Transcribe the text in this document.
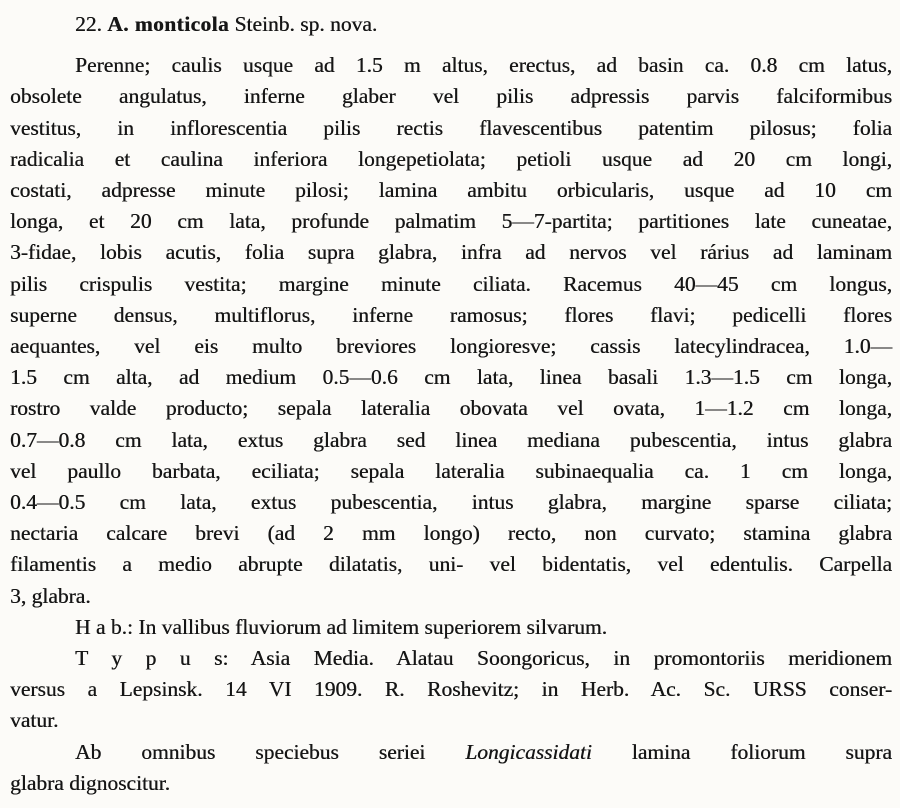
22. A. monticola Steinb. sp. nova.
Perenne; caulis usque ad 1.5 m altus, erectus, ad basin ca. 0.8 cm latus,
obsolete angulatus, inferne glaber vel pilis adpressis parvis falciformibus
vestitus, in inflorescentia pilis rectis flavescentibus patentim pilosus; folia
radicalia et caulina inferiora longepetiolata; petioli usque ad 20 cm longi,
costati, adpresse minute pilosi; lamina ambitu orbicularis, usque ad 10 cm
longa, et 20 cm lata, profunde palmatim 5—7-partita; partitiones late cuneatae,
3-fidae, lobis acutis, folia supra glabra, infra ad nervos vel rárius ad laminam
pilis crispulis vestita; margine minute ciliata. Racemus 40—45 cm longus,
superne densus, multiflorus, inferne ramosus; flores flavi; pedicelli flores
aequantes, vel eis multo breviores longioresve; cassis latecylindracea, 1.0—
1.5 cm alta, ad medium 0.5—0.6 cm lata, linea basali 1.3—1.5 cm longa,
rostro valde producto; sepala lateralia obovata vel ovata, 1—1.2 cm longa,
0.7—0.8 cm lata, extus glabra sed linea mediana pubescentia, intus glabra
vel paullo barbata, eciliata; sepala lateralia subinaequalia ca. 1 cm longa,
0.4—0.5 cm lata, extus pubescentia, intus glabra, margine sparse ciliata;
nectaria calcare brevi (ad 2 mm longo) recto, non curvato; stamina glabra
filamentis a medio abrupte dilatatis, uni- vel bidentatis, vel edentulis. Carpella
3, glabra.
H a b.: In vallibus fluviorum ad limitem superiorem silvarum.
T y p u s: Asia Media. Alatau Soongoricus, in promontoriis meridionem
versus a Lepsinsk. 14 VI 1909. R. Roshevitz; in Herb. Ac. Sc. URSS conser-
vatur.
Ab omnibus speciebus seriei Longicassidati lamina foliorum supra
glabra dignoscitur.
